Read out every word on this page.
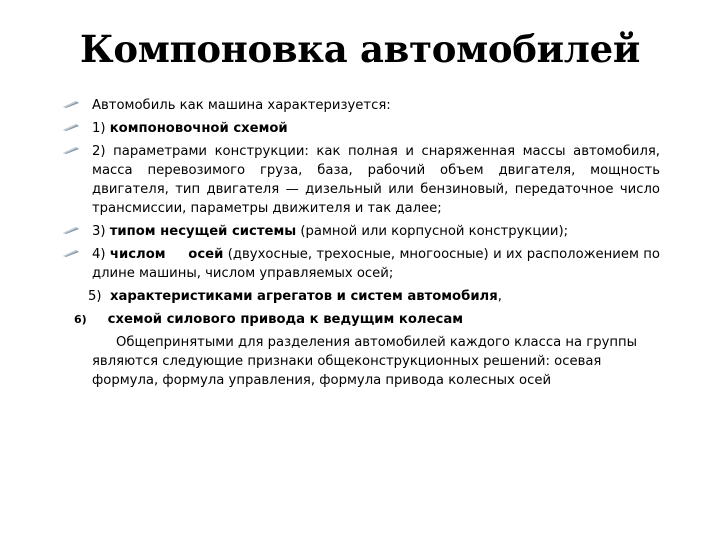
Компоновка автомобилей
Автомобиль как машина характеризуется:
1) компоновочной схемой
2) параметрами конструкции: как полная и снаряженная массы автомобиля, масса перевозимого груза, база, рабочий объем двигателя, мощность двигателя, тип двигателя — дизельный или бензиновый, передаточное число трансмиссии, параметры движителя и так далее;
3) типом несущей системы (рамной или корпусной конструкции);
4) числом осей (двухосные, трехосные, многоосные) и их расположением по длине машины, числом управляемых осей;
5) характеристиками агрегатов и систем автомобиля,
6) схемой силового привода к ведущим колесам
Общепринятыми для разделения автомобилей каждого класса на группы являются следующие признаки общеконструкционных решений: осевая формула, формула управления, формула привода колесных осей
